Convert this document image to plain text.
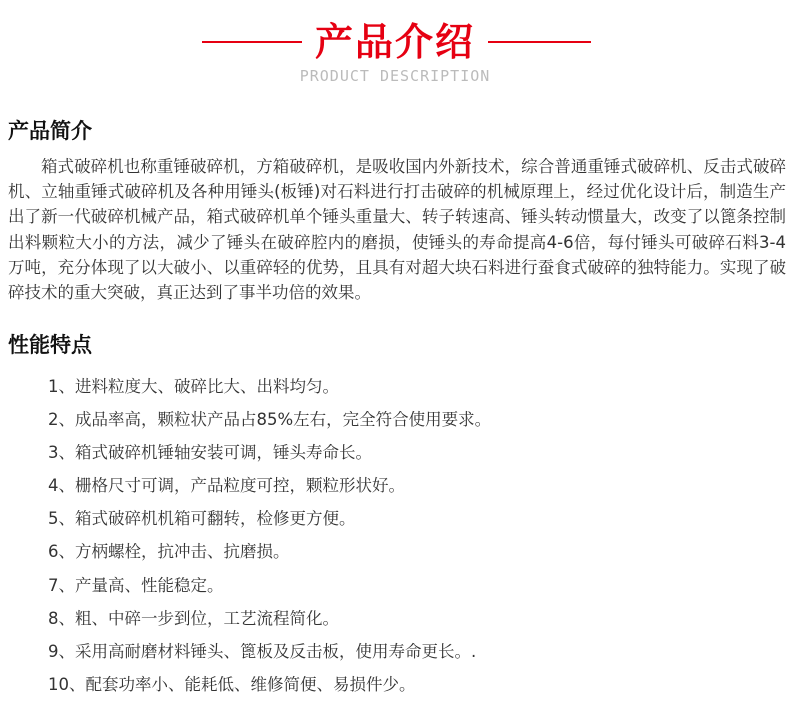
产品介绍
PRODUCT DESCRIPTION
产品简介

箱式破碎机也称重锤破碎机，方箱破碎机，是吸收国内外新技术，综合普通重锤式破碎机、反击式破碎机、立轴重锤式破碎机及各种用锤头(板锤)对石料进行打击破碎的机械原理上，经过优化设计后，制造生产出了新一代破碎机械产品，箱式破碎机单个锤头重量大、转子转速高、锤头转动惯量大，改变了以篦条控制出料颗粒大小的方法，减少了锤头在破碎腔内的磨损，使锤头的寿命提高4-6倍，每付锤头可破碎石料3-4万吨，充分体现了以大破小、以重碎轻的优势，且具有对超大块石料进行蚕食式破碎的独特能力。实现了破碎技术的重大突破，真正达到了事半功倍的效果。

性能特点
1、进料粒度大、破碎比大、出料均匀。
2、成品率高，颗粒状产品占85%左右，完全符合使用要求。
3、箱式破碎机锤轴安装可调，锤头寿命长。
4、栅格尺寸可调，产品粒度可控，颗粒形状好。
5、箱式破碎机机箱可翻转，检修更方便。
6、方柄螺栓，抗冲击、抗磨损。
7、产量高、性能稳定。
8、粗、中碎一步到位，工艺流程简化。
9、采用高耐磨材料锤头、篦板及反击板，使用寿命更长。.
10、配套功率小、能耗低、维修简便、易损件少。
